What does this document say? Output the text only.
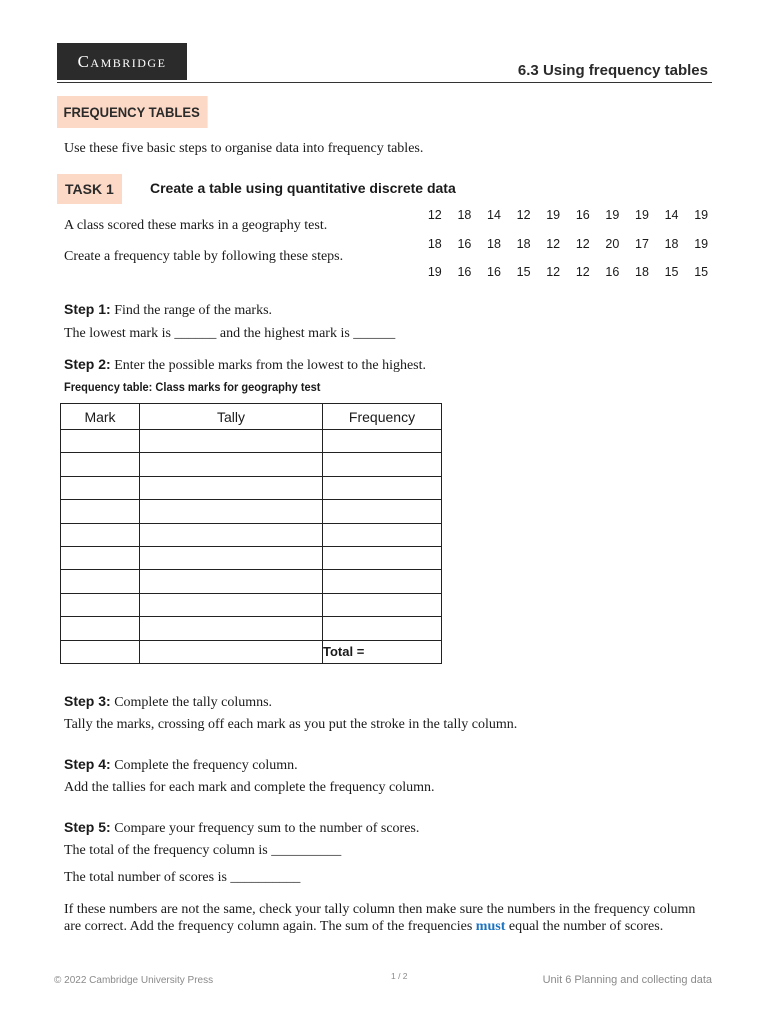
Cambridge	6.3 Using frequency tables
FREQUENCY TABLES
Use these five basic steps to organise data into frequency tables.
TASK 1	Create a table using quantitative discrete data
A class scored these marks in a geography test.
Create a frequency table by following these steps.
12	18	14	12	19	16	19	19	14	19
18	16	18	18	12	12	20	17	18	19
19	16	16	15	12	12	16	18	15	15
Step 1: Find the range of the marks.
The lowest mark is ______ and the highest mark is ______
Step 2: Enter the possible marks from the lowest to the highest.
Frequency table: Class marks for geography test
Mark	Tally	Frequency

		Total =
Step 3: Complete the tally columns.
Tally the marks, crossing off each mark as you put the stroke in the tally column.
Step 4: Complete the frequency column.
Add the tallies for each mark and complete the frequency column.
Step 5: Compare your frequency sum to the number of scores.
The total of the frequency column is __________
The total number of scores is __________
If these numbers are not the same, check your tally column then make sure the numbers in the frequency column are correct. Add the frequency column again. The sum of the frequencies must equal the number of scores.
© 2022 Cambridge University Press	1 / 2	Unit 6 Planning and collecting data
